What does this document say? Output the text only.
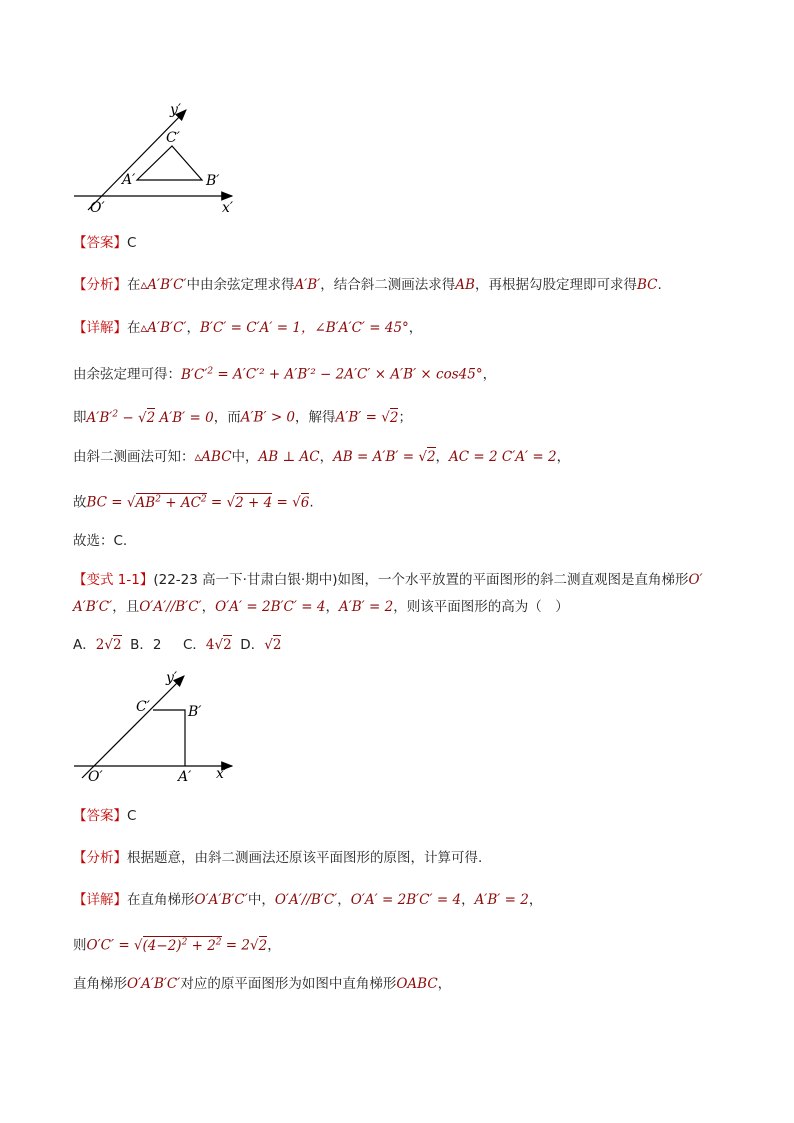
y′
C′
A′	B′
O′	x′
【答案】C
【分析】在▵A′B′C′中由余弦定理求得A′B′，结合斜二测画法求得AB，再根据勾股定理即可求得BC.
【详解】在▵A′B′C′，B′C′ = C′A′ = 1，∠B′A′C′ = 45°，
由余弦定理可得：$B'C'^2 = A'C'^2 + A'B'^2 - 2A'C' \times A'B' \times \cos 45^\circ$，
即$A'B'^2 - √2$ A′B′ = 0，而A′B′ > 0，解得A′B′ = √2；
由斜二测画法可知：▵ABC中，AB ⊥ AC，AB = A′B′ = √2，AC = 2 C′A′ = 2，
故BC = $√AB^2 + AC^2 = √2 + 4 = √6$.
故选：C.
【变式 1-1】(22-23 高一下·甘肃白银·期中)如图，一个水平放置的平面图形的斜二测直观图是直角梯形O′
A′B′C′，且O′A′//B′C′，O′A′ = 2B′C′ = 4，A′B′ = 2，则该平面图形的高为（　）
A．2√2 B．2 C．4√2 D．√2
y′
C′	B′
O′	A′ x′
【答案】C
【分析】根据题意，由斜二测画法还原该平面图形的原图，计算可得.
【详解】在直角梯形O′A′B′C′中，O′A′//B′C′，O′A′ = 2B′C′ = 4，A′B′ = 2，
则$O'C' = √(4-2)^2 + 2^2 = 2√2$，
直角梯形O′A′B′C′对应的原平面图形为如图中直角梯形OABC，
